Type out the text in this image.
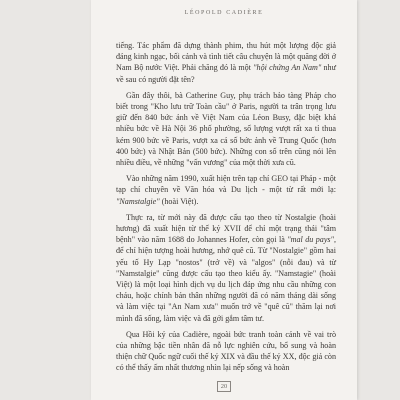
LÉOPOLD CADIÈRE

tiếng. Tác phẩm đã dựng thành phim, thu hút một lượng độc giả đáng kinh ngạc, bối cảnh và tình tiết câu chuyện là một quãng đời ở Nam Bộ nước Việt. Phải chăng đó là một "hội chứng An Nam" như về sau có người đặt tên?

Gần đây thôi, bà Catherine Guy, phụ trách bảo tàng Pháp cho biết trong "Kho lưu trữ Toàn cầu" ở Paris, người ta trân trọng lưu giữ đến 840 bức ảnh về Việt Nam của Léon Busy, đặc biệt khá nhiều bức về Hà Nội 36 phố phường, số lượng vượt rất xa tỉ thua kém 900 bức về Paris, vượt xa cả số bức ảnh về Trung Quốc (hơn 400 bức) và Nhật Bản (500 bức). Những con số trên cũng nói lên nhiều điều, về những "vấn vương" của một thời xưa cũ.

Vào những năm 1990, xuất hiện trên tạp chí GEO tại Pháp - một tạp chí chuyên về Văn hóa và Du lịch - một từ rất mới lạ: "Namstalgie" (hoài Việt).

Thực ra, từ mới này đã được cấu tạo theo từ Nostalgie (hoài hương) đã xuất hiện từ thế kỷ XVII để chỉ một trạng thái "tâm bệnh" vào năm 1688 do Johannes Hofer, còn gọi là "mal du pays", để chỉ hiện tượng hoài hương, nhớ quê cũ. Từ "Nostalgie" gồm hai yếu tố Hy Lạp "nostos" (trở về) và "algos" (nỗi đau) và từ "Namstalgie" cũng được cấu tạo theo kiểu ấy. "Namstagie" (hoài Việt) là một loại hình dịch vụ du lịch đáp ứng nhu cầu những con cháu, hoặc chính bản thân những người đã có năm tháng dài sống và làm việc tại "An Nam xưa" muốn trở về "quê cũ" thăm lại nơi mình đã sống, làm việc và đã gởi gắm tâm tư.

Qua Hồi ký của Cadière, ngoài bức tranh toàn cảnh về vai trò của những bậc tiền nhân đã nỗ lực nghiên cứu, bổ sung và hoàn thiện chữ Quốc ngữ cuối thế kỷ XIX và đầu thế kỷ XX, độc giả còn có thể thấy ấm nhất thương nhìn lại nếp sống và hoàn

20
